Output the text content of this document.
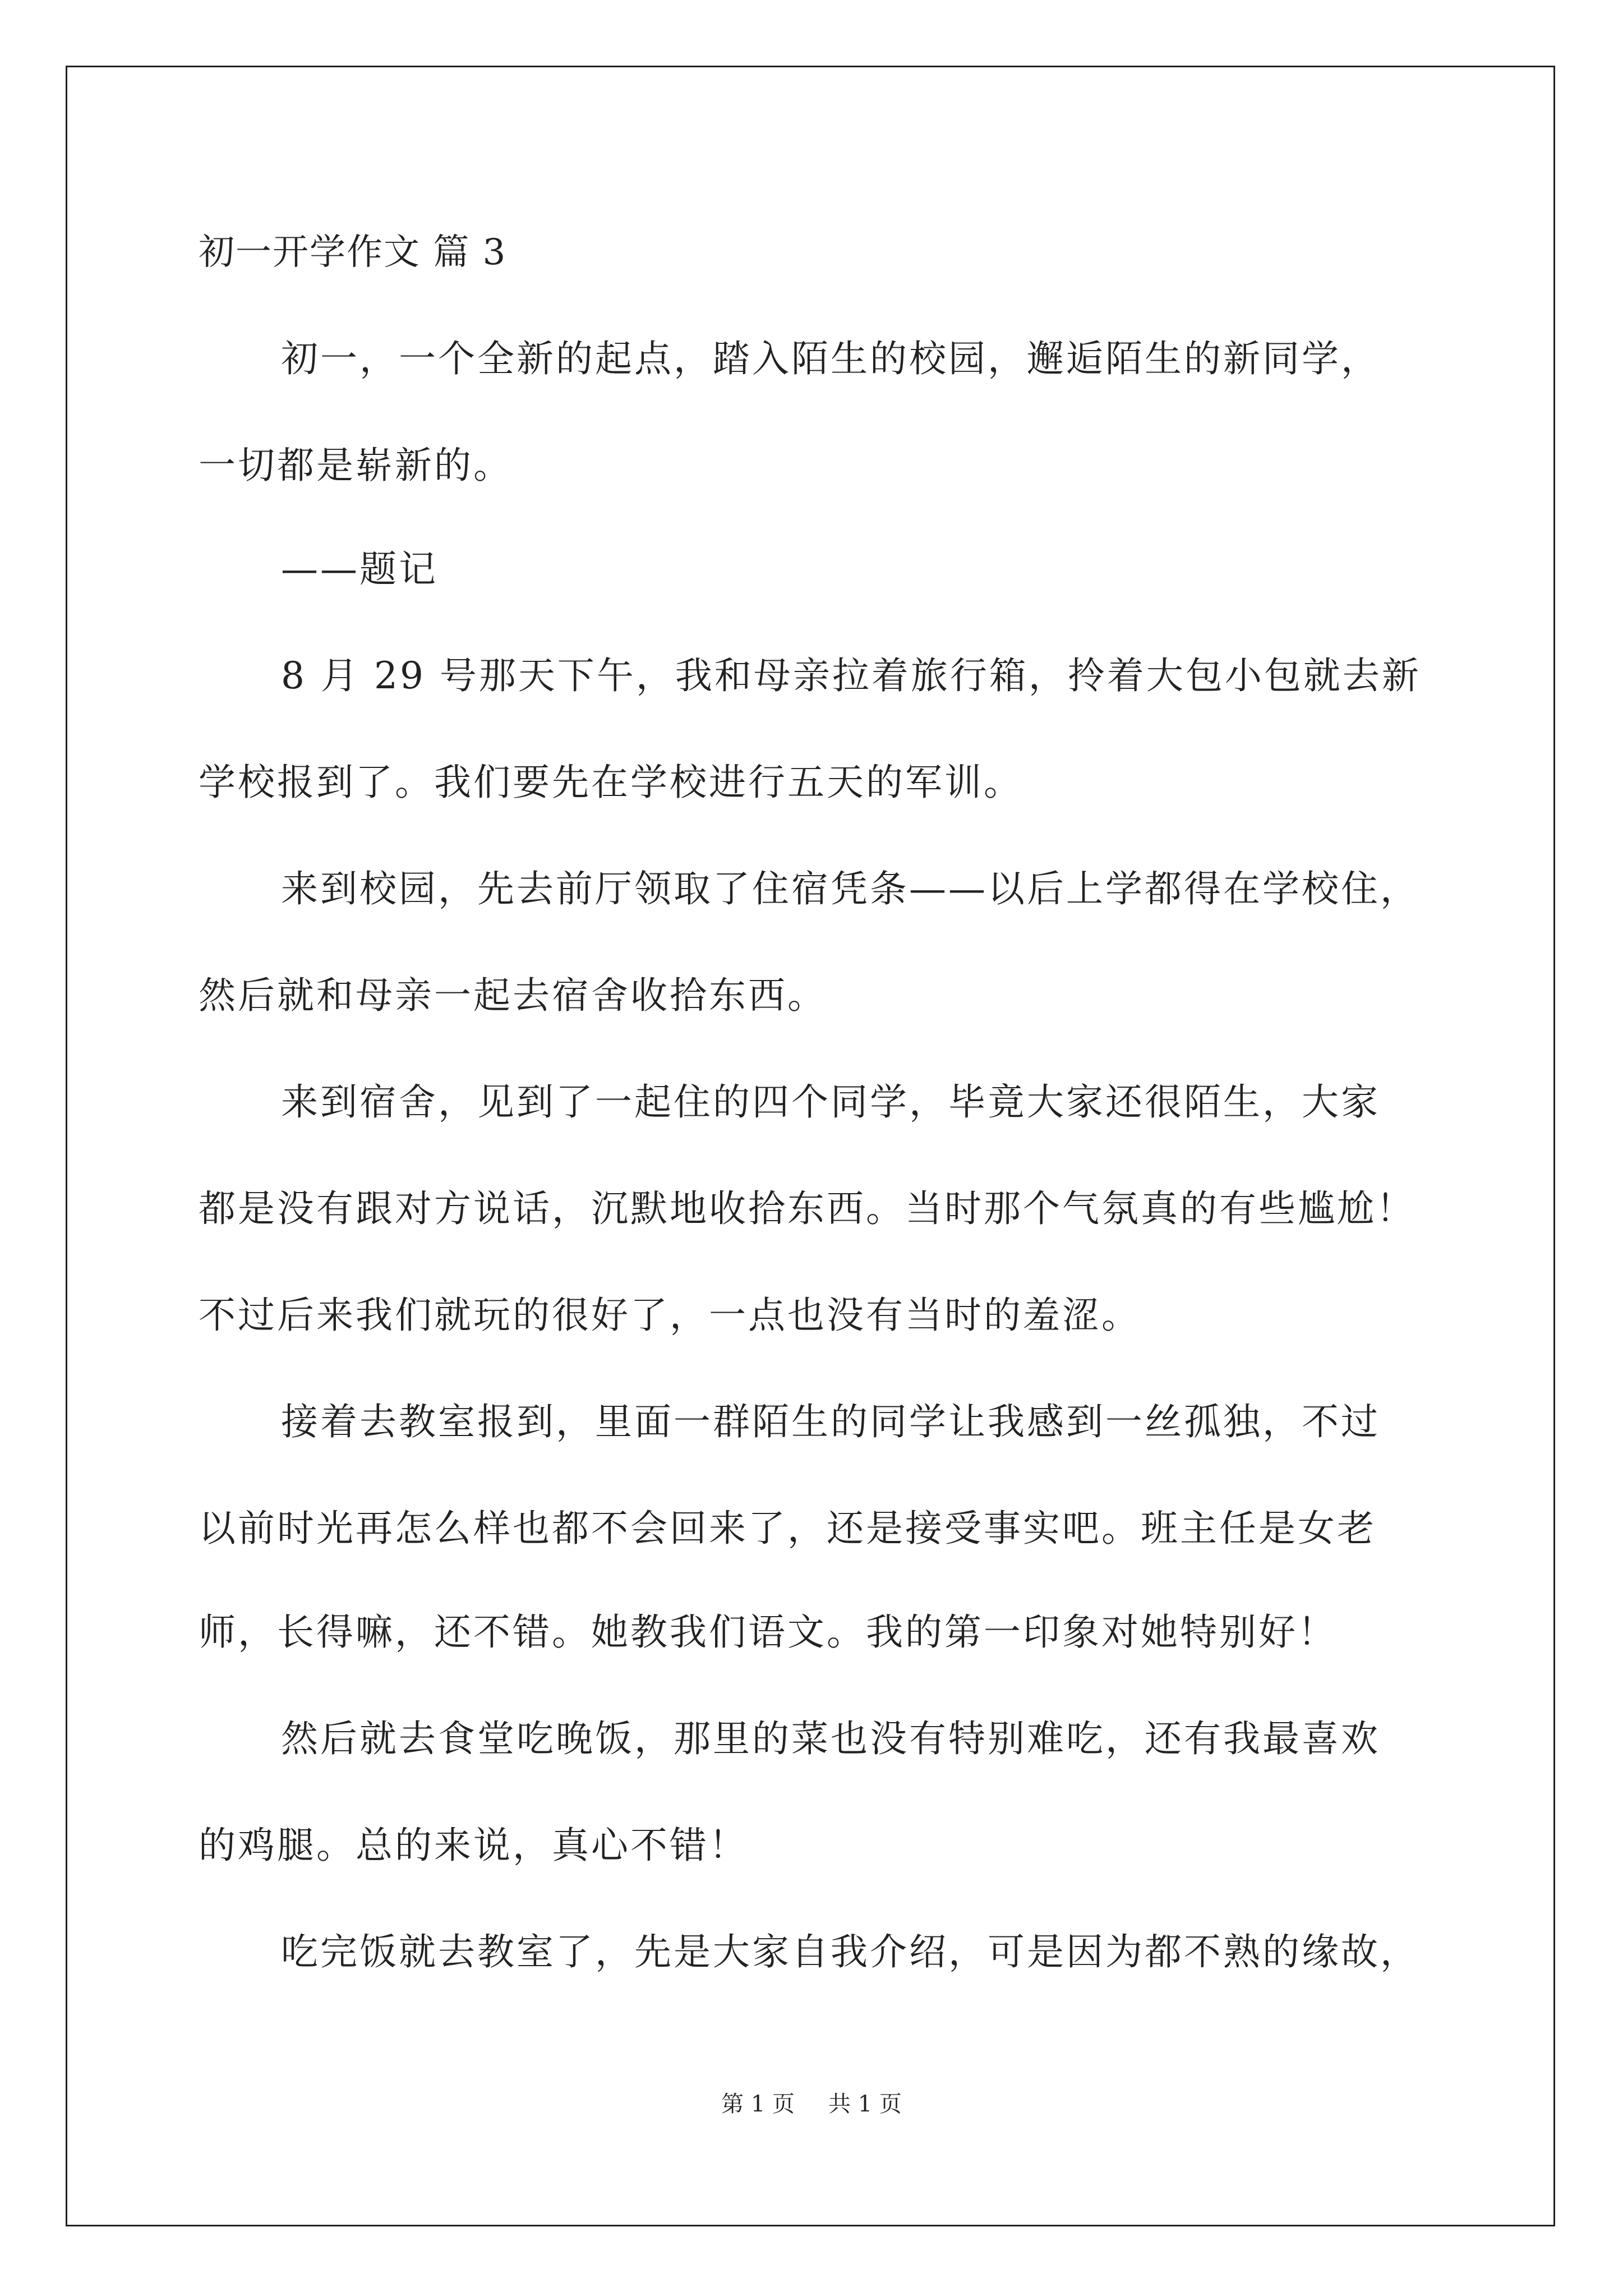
初一开学作文 篇 3
初一，一个全新的起点，踏入陌生的校园，邂逅陌生的新同学，
一切都是崭新的。
——题记
8 月 29 号那天下午，我和母亲拉着旅行箱，拎着大包小包就去新
学校报到了。我们要先在学校进行五天的军训。
来到校园，先去前厅领取了住宿凭条——以后上学都得在学校住，
然后就和母亲一起去宿舍收拾东西。
来到宿舍，见到了一起住的四个同学，毕竟大家还很陌生，大家
都是没有跟对方说话，沉默地收拾东西。当时那个气氛真的有些尴尬！
不过后来我们就玩的很好了，一点也没有当时的羞涩。
接着去教室报到，里面一群陌生的同学让我感到一丝孤独，不过
以前时光再怎么样也都不会回来了，还是接受事实吧。班主任是女老
师，长得嘛，还不错。她教我们语文。我的第一印象对她特别好！
然后就去食堂吃晚饭，那里的菜也没有特别难吃，还有我最喜欢
的鸡腿。总的来说，真心不错！
吃完饭就去教室了，先是大家自我介绍，可是因为都不熟的缘故，
第 1 页 共 1 页
